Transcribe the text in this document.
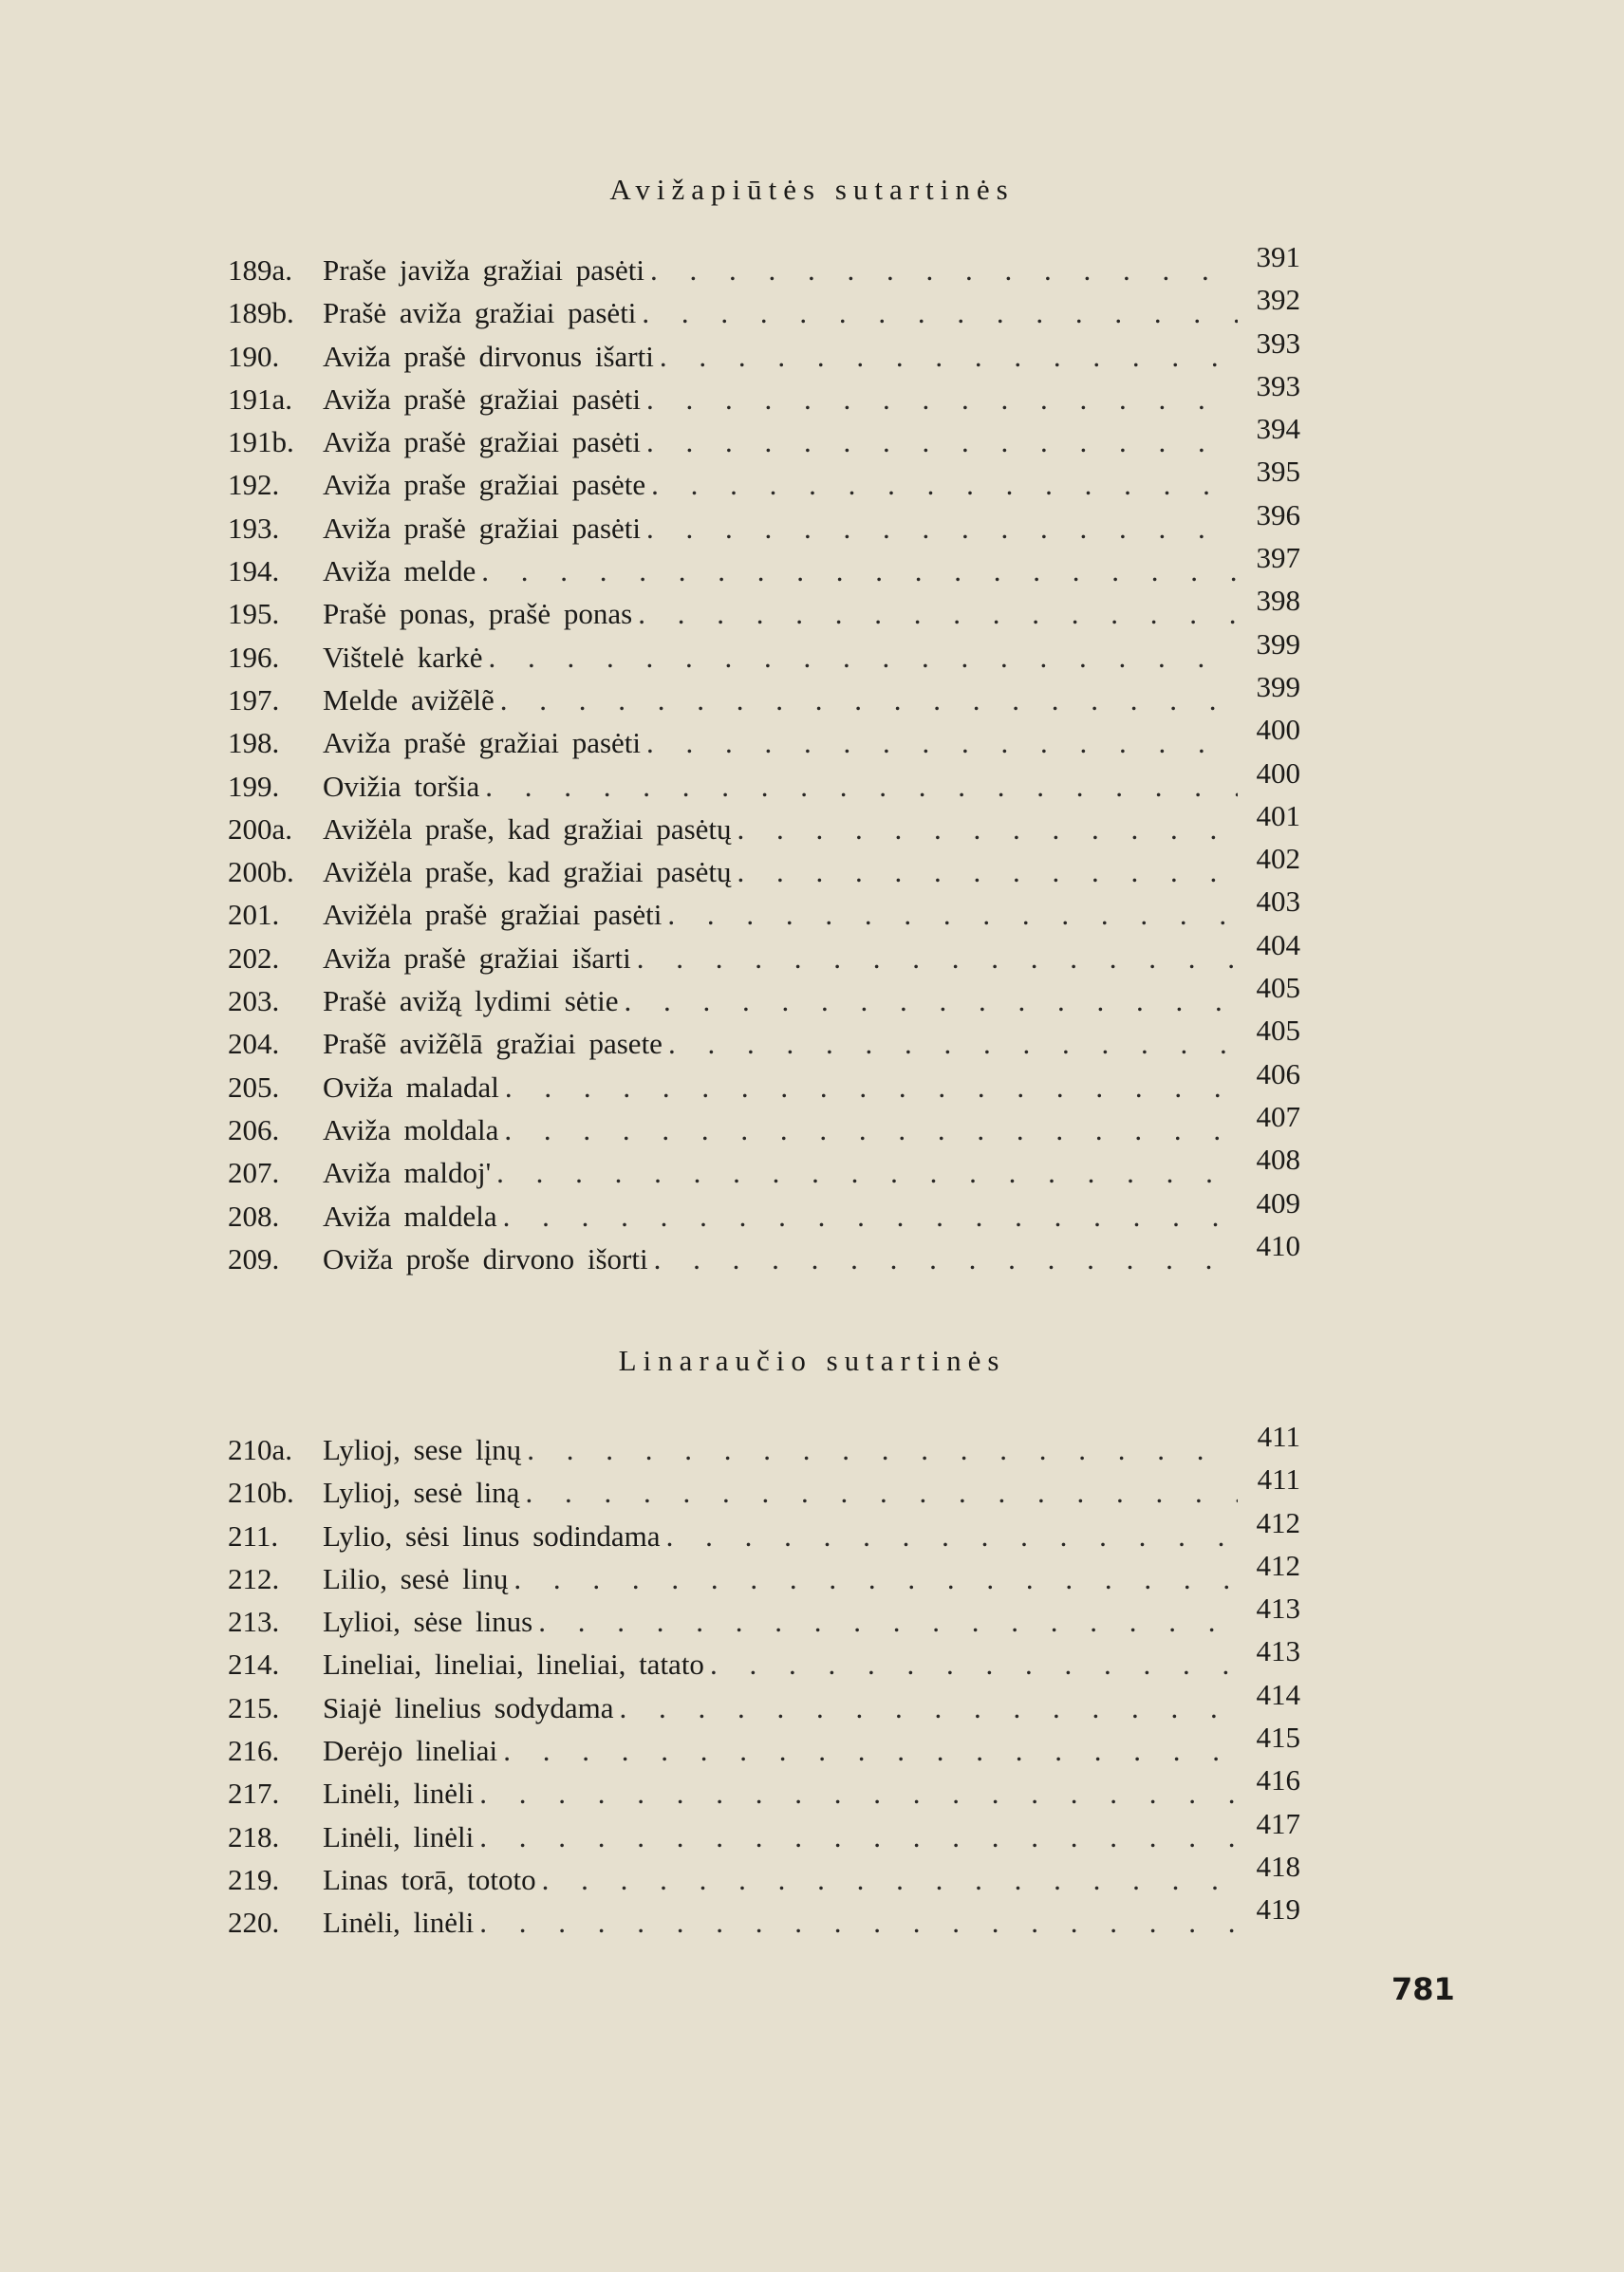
Avižapiūtės sutartinės
189a.	Praše javiža gražiai pasėti . . .	391
189b. Prašė aviža gražiai pasėti . . .	392
190.	Aviža prašė dirvonus išarti . . .	393
191a.	Aviža prašė gražiai pasėti . . .	393
191b. Aviža prašė gražiai pasėti . . .	394
192.	Aviža praše gražiai pasėte . . .	395
193.	Aviža prašė gražiai pasėti . . .	396
194.	Aviža melde . . .	397
195.	Prašė ponas, prašė ponas . . .	398
196.	Vištelė karkė . . .	399
197.	Melde avižẽlẽ . . .	399
198.	Aviža prašė gražiai pasėti . . .	400
199.	Ovižia toršia . . .	400
200a.	Avižėla praše, kad gražiai pasėtų . . .	401
200b. Avižėla praše, kad gražiai pasėtų . . .	402
201.	Avižėla prašė gražiai pasėti . . .	403
202.	Aviža prašė gražiai išarti . . .	404
203.	Prašė avižą lydimi sėtie . . .	405
204.	Prašẽ avižẽlā gražiai pasete . . .	405
205.	Oviža maladal . . .	406
206.	Aviža moldala . . .	407
207.	Aviža maldoj' . . .	408
208.	Aviža maldela . . .	409
209.	Oviža proše dirvono išorti . . .	410
Linaraučio sutartinės
210a.	Lylioj, sese lįnų . . .	411
210b. Lylioj, sesė liną . . .	411
211.	Lylio, sėsi linus sodindama . . .	412
212.	Lilio, sesė linų . . .	412
213.	Lylioi, sėse linus . . .	413
214.	Lineliai, lineliai, lineliai, tatato . . .	413
215.	Siajė linelius sodydama . . .	414
216.	Derėjo lineliai . . .	415
217.	Linėli, linėli . . .	416
218.	Linėli, linėli . . .	417
219.	Linas torā, tototo . . .	418
220.	Linėli, linėli . . .	419
781
